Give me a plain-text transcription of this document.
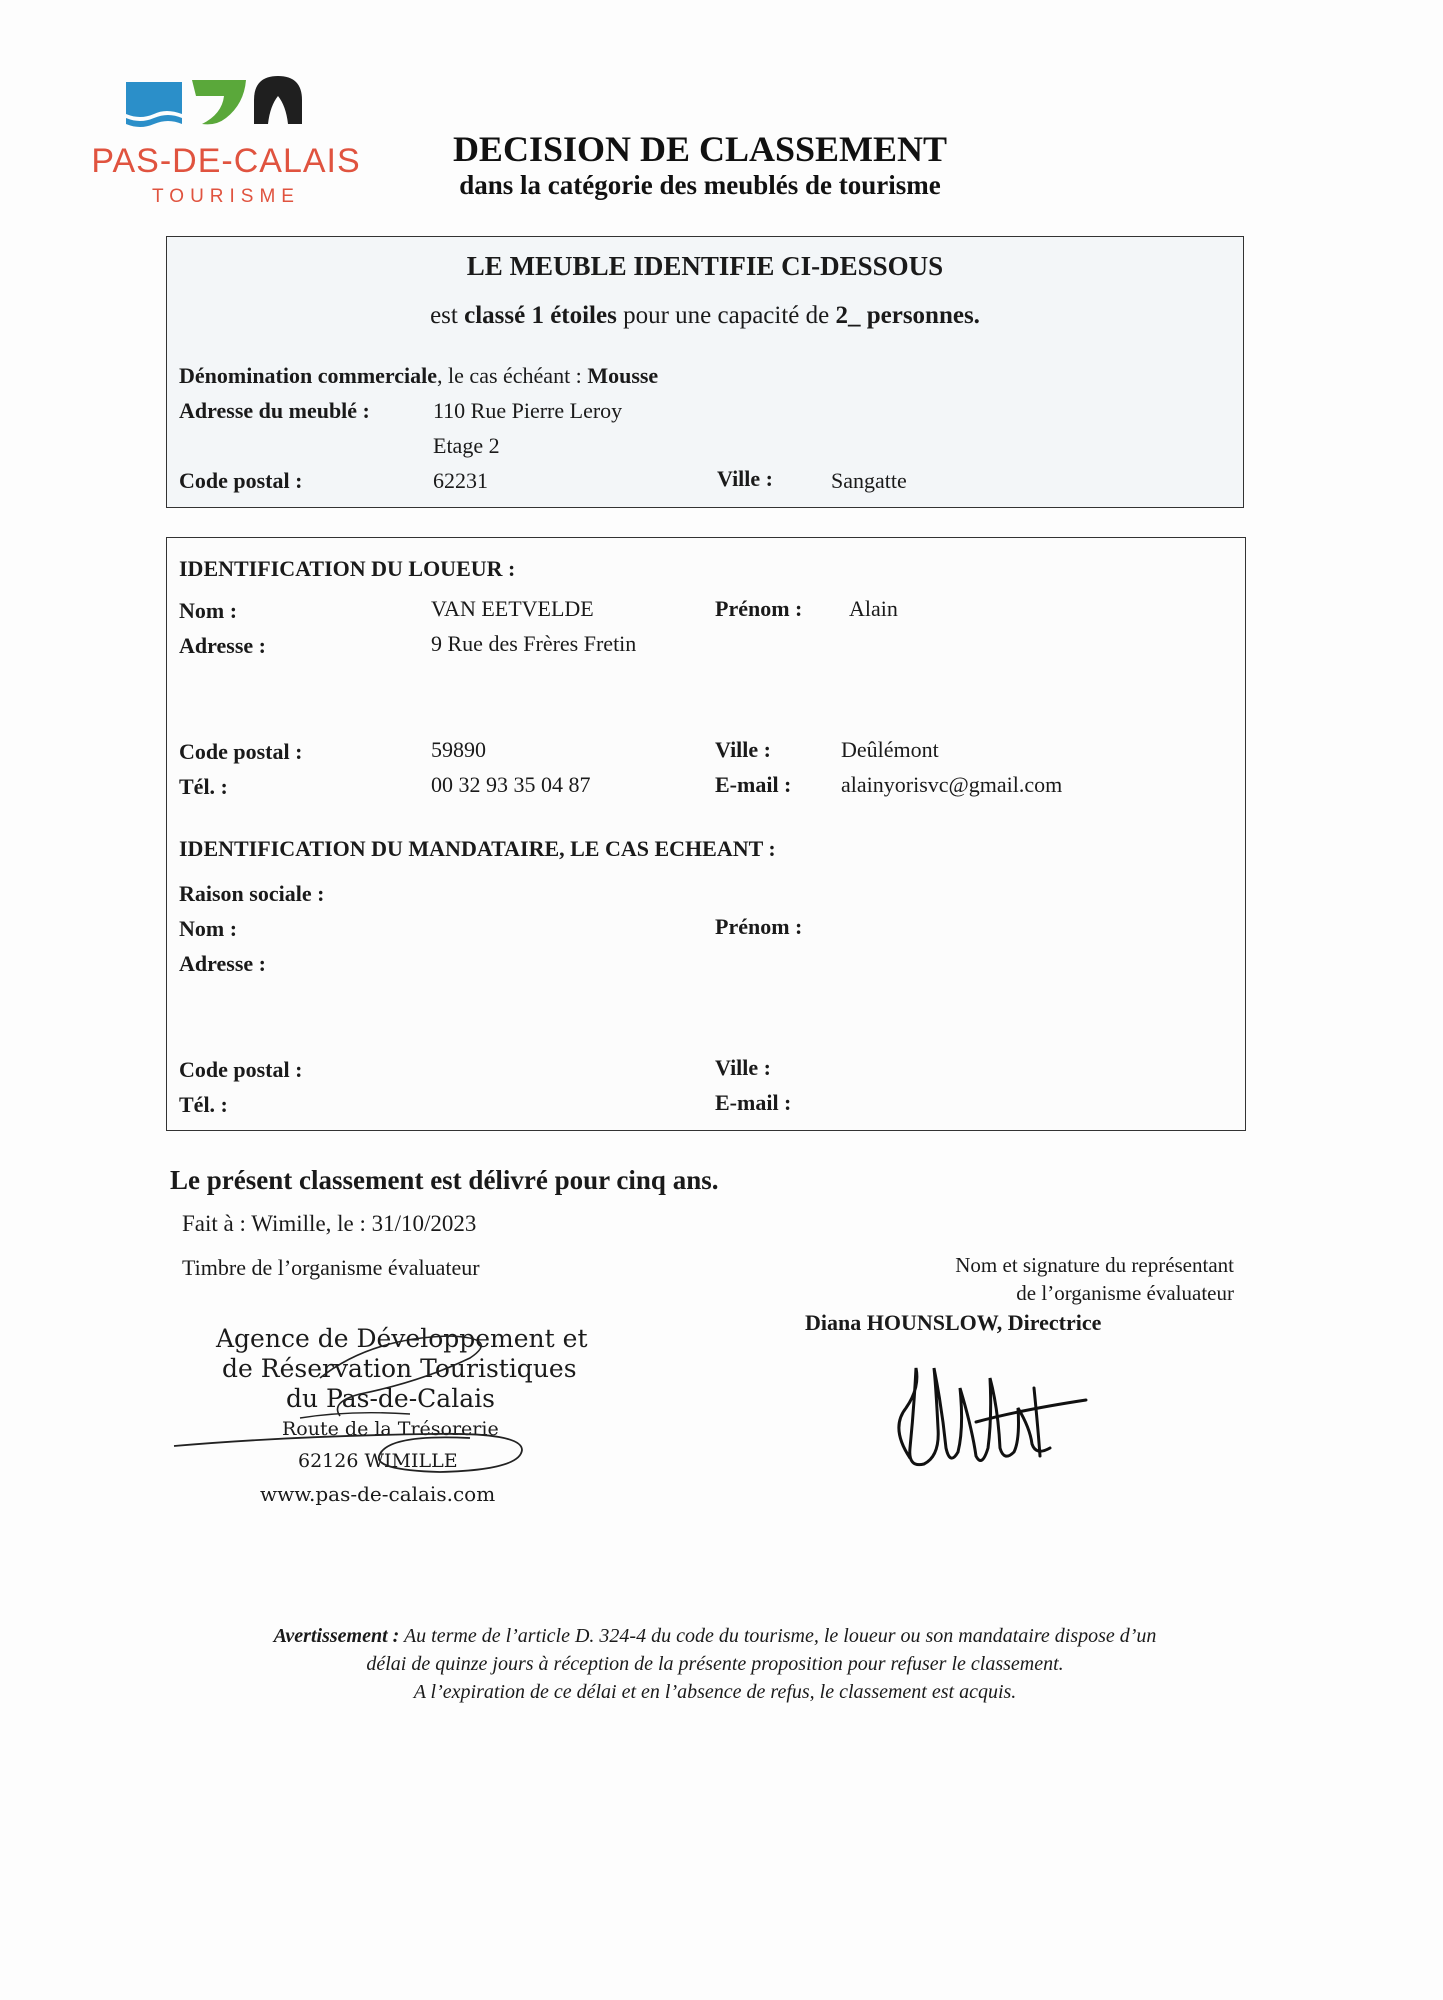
PAS-DE-CALAIS
TOURISME
DECISION DE CLASSEMENT
dans la catégorie des meublés de tourisme
LE MEUBLE IDENTIFIE CI-DESSOUS
est classé 1 étoiles pour une capacité de 2_ personnes.
Dénomination commerciale, le cas échéant : Mousse
Adresse du meublé :	110 Rue Pierre Leroy
Etage 2
Code postal :	62231	Ville :	Sangatte
IDENTIFICATION DU LOUEUR :
Nom :	VAN EETVELDE	Prénom : Alain
Adresse :	9 Rue des Frères Fretin
Code postal :	59890	Ville :	Deûlémont
Tél. :	00 32 93 35 04 87	E-mail : alainyorisvc@gmail.com
IDENTIFICATION DU MANDATAIRE, LE CAS ECHEANT :
Raison sociale :
Nom :	Prénom :
Adresse :
Code postal :	Ville :
Tél. :	E-mail :
Le présent classement est délivré pour cinq ans.
Fait à : Wimille, le : 31/10/2023
Timbre de l’organisme évaluateur	Nom et signature du représentant
de l’organisme évaluateur
Diana HOUNSLOW, Directrice
Agence de Développement et
de Réservation Touristiques
du Pas-de-Calais
Route de la Trésorerie
62126 WIMILLE
www.pas-de-calais.com
Avertissement : Au terme de l’article D. 324-4 du code du tourisme, le loueur ou son mandataire dispose d’un
délai de quinze jours à réception de la présente proposition pour refuser le classement.
A l’expiration de ce délai et en l’absence de refus, le classement est acquis.
